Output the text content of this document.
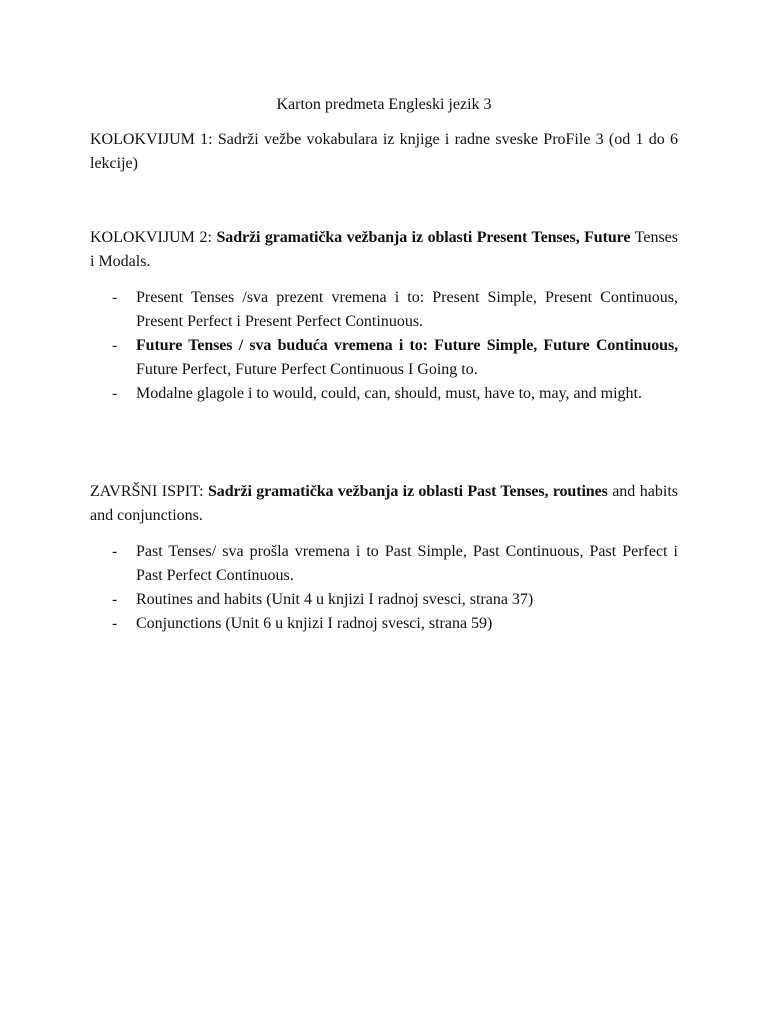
Karton predmeta Engleski jezik 3
KOLOKVIJUM 1: Sadrži vežbe vokabulara iz knjige i radne sveske ProFile 3 (od 1 do 6 lekcije)
KOLOKVIJUM 2: Sadrži gramatička vežbanja iz oblasti Present Tenses, Future Tenses i Modals.
- Present Tenses /sva prezent vremena i to: Present Simple, Present Continuous, Present Perfect i Present Perfect Continuous.
- Future Tenses / sva buduća vremena i to: Future Simple, Future Continuous, Future Perfect, Future Perfect Continuous I Going to.
- Modalne glagole i to would, could, can, should, must, have to, may, and might.
ZAVRŠNI ISPIT: Sadrži gramatička vežbanja iz oblasti Past Tenses, routines and habits and conjunctions.
- Past Tenses/ sva prošla vremena i to Past Simple, Past Continuous, Past Perfect i Past Perfect Continuous.
- Routines and habits (Unit 4 u knjizi I radnoj svesci, strana 37)
- Conjunctions (Unit 6 u knjizi I radnoj svesci, strana 59)
